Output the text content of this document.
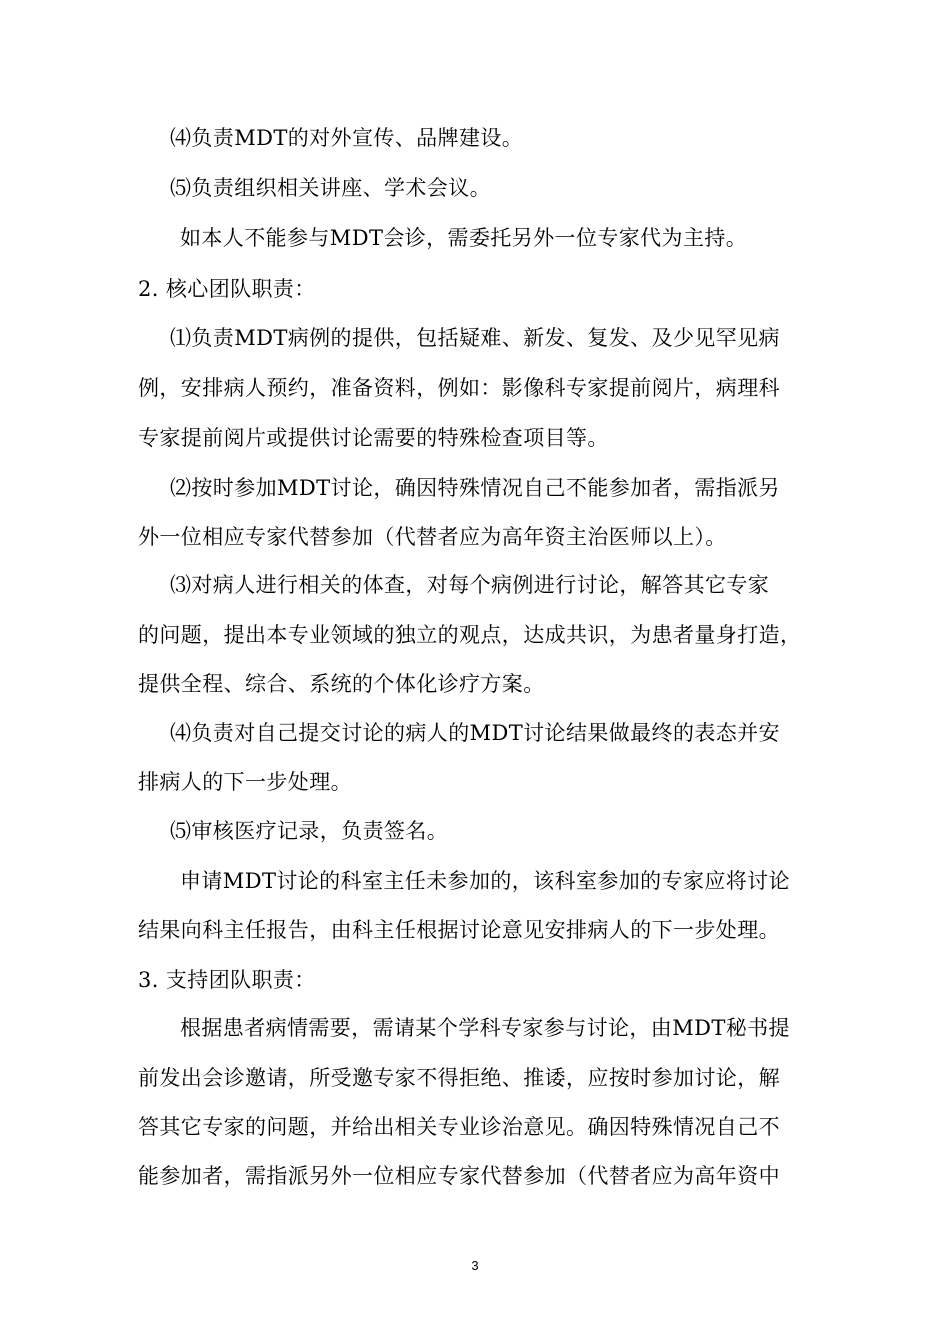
⑷负责MDT的对外宣传、品牌建设。
⑸负责组织相关讲座、学术会议。
如本人不能参与MDT会诊，需委托另外一位专家代为主持。
2. 核心团队职责：
⑴负责MDT病例的提供，包括疑难、新发、复发、及少见罕见病
例，安排病人预约，准备资料，例如：影像科专家提前阅片，病理科
专家提前阅片或提供讨论需要的特殊检查项目等。
⑵按时参加MDT讨论，确因特殊情况自己不能参加者，需指派另
外一位相应专家代替参加（代替者应为高年资主治医师以上）。
⑶对病人进行相关的体查，对每个病例进行讨论，解答其它专家
的问题，提出本专业领域的独立的观点，达成共识，为患者量身打造，
提供全程、综合、系统的个体化诊疗方案。
⑷负责对自己提交讨论的病人的MDT讨论结果做最终的表态并安
排病人的下一步处理。
⑸审核医疗记录，负责签名。
申请MDT讨论的科室主任未参加的，该科室参加的专家应将讨论
结果向科主任报告，由科主任根据讨论意见安排病人的下一步处理。
3. 支持团队职责：
根据患者病情需要，需请某个学科专家参与讨论，由MDT秘书提
前发出会诊邀请，所受邀专家不得拒绝、推诿，应按时参加讨论，解
答其它专家的问题，并给出相关专业诊治意见。确因特殊情况自己不
能参加者，需指派另外一位相应专家代替参加（代替者应为高年资中
3
